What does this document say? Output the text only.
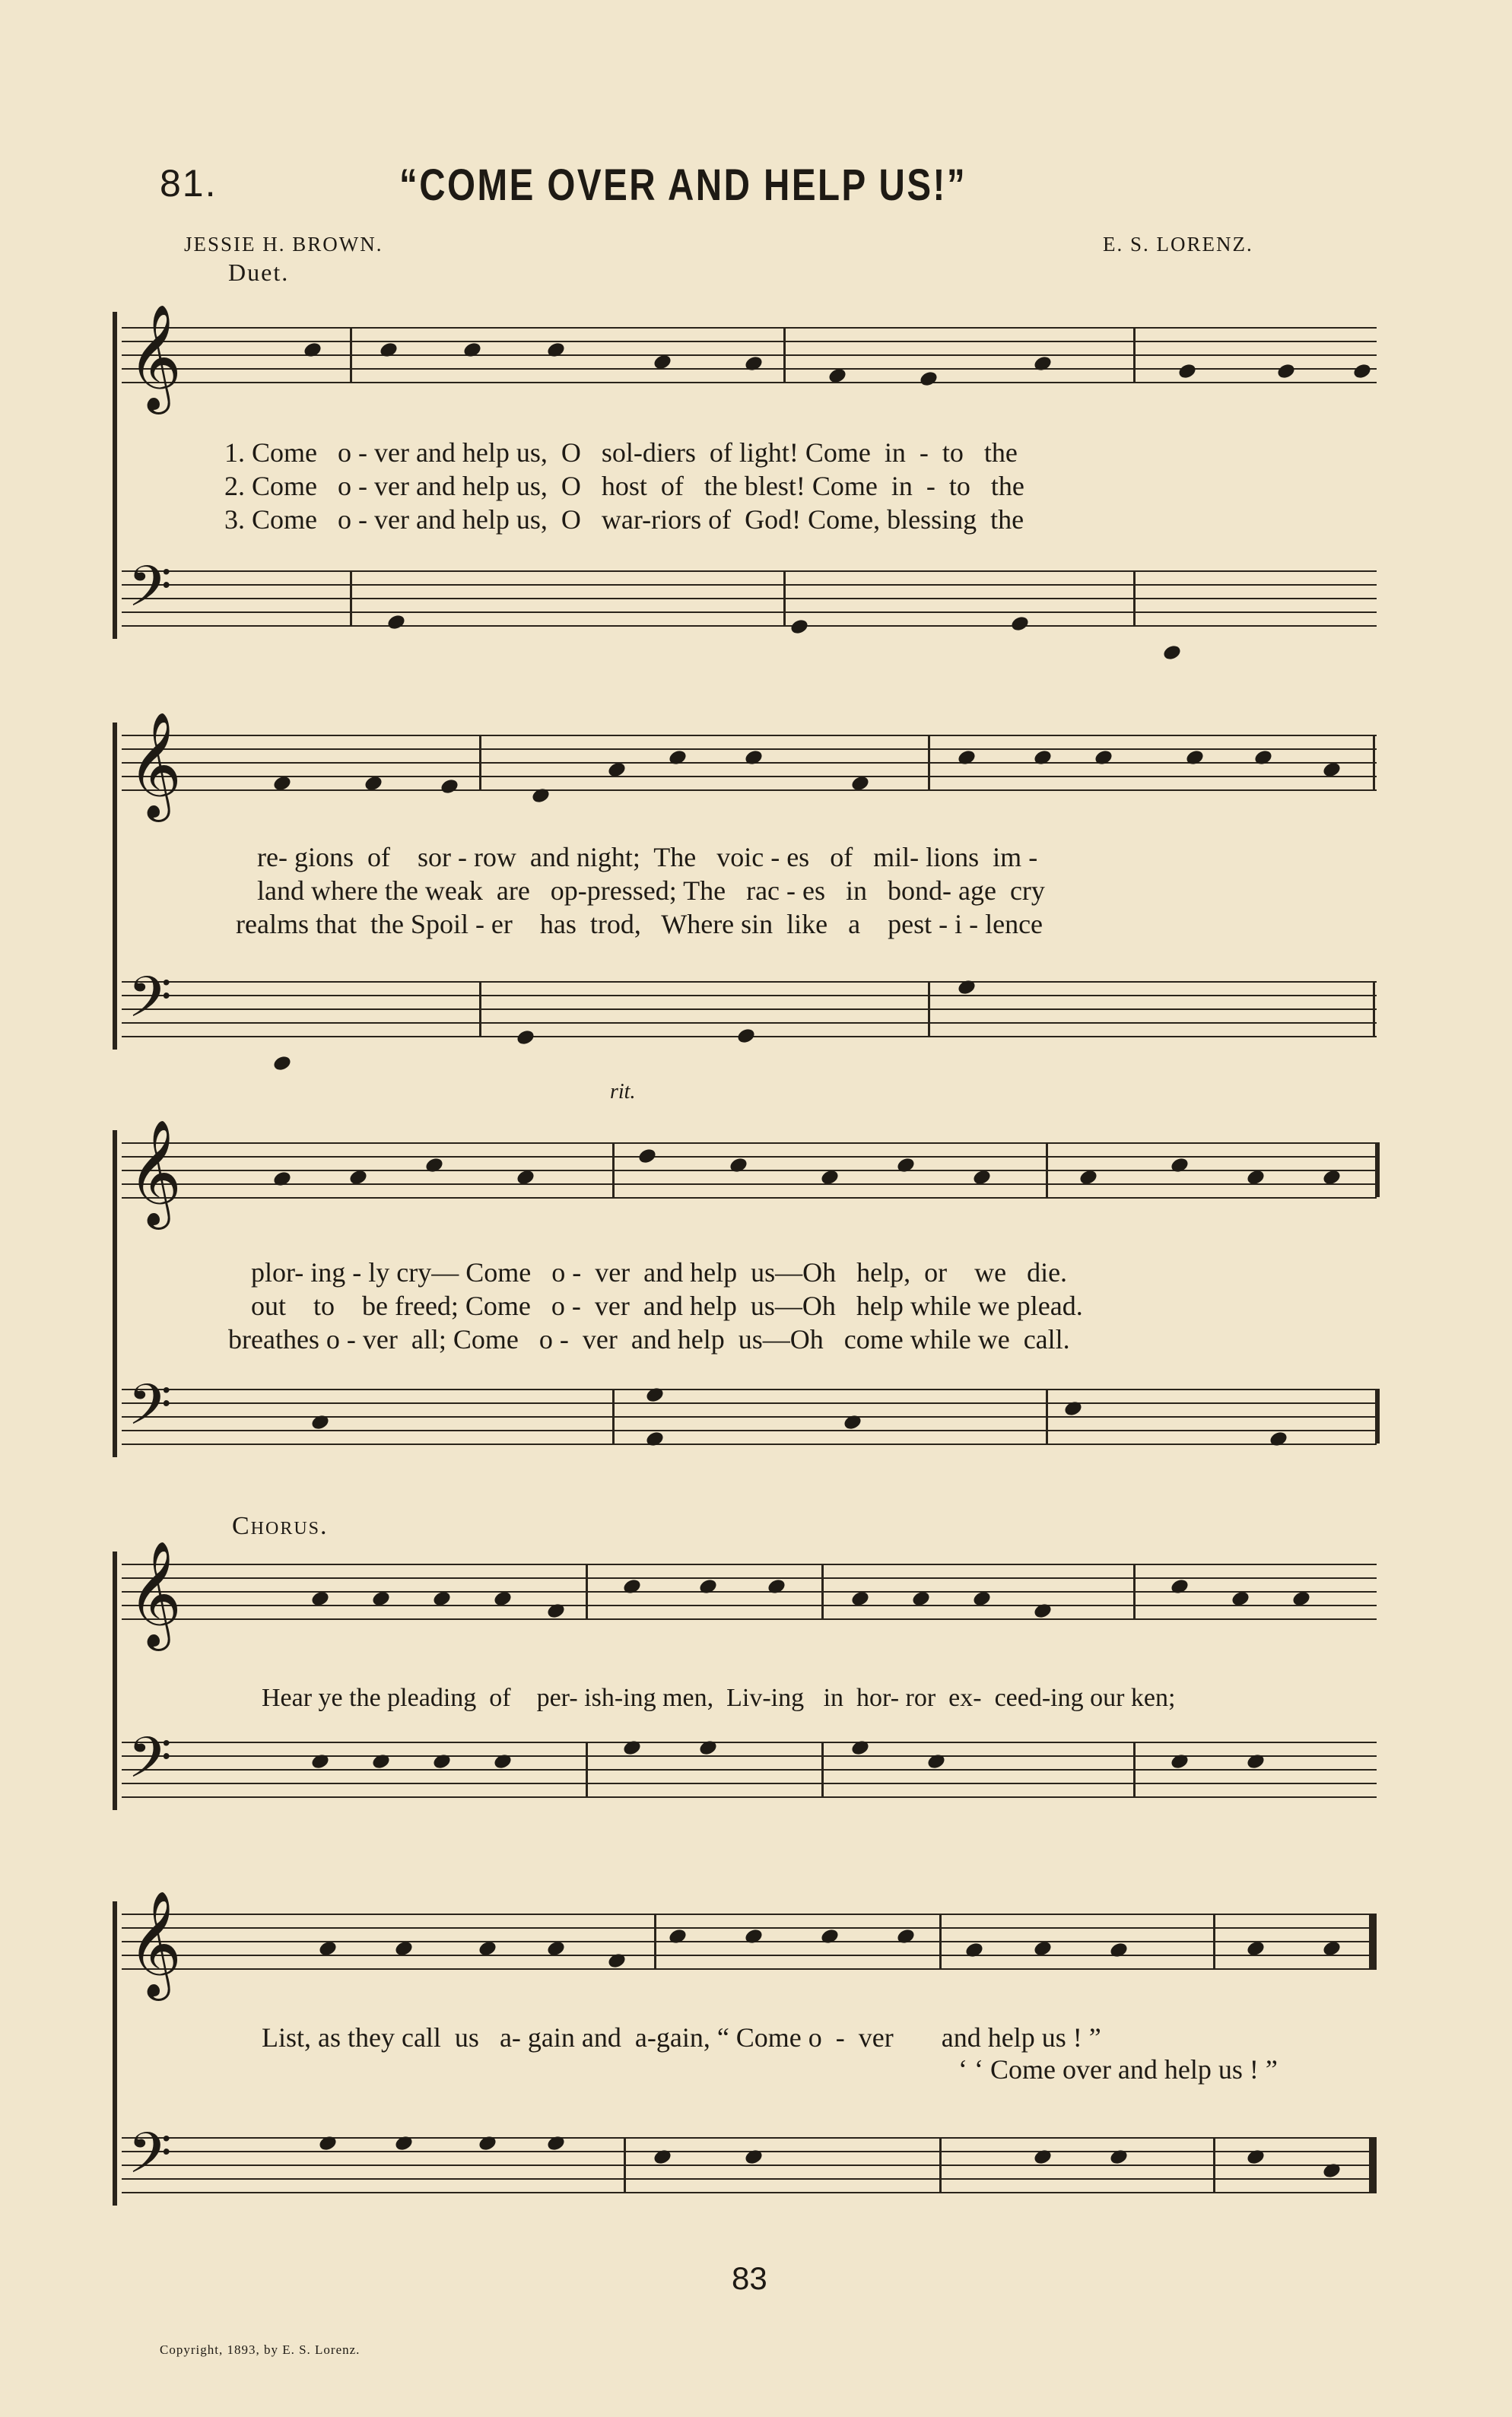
81.	“COME OVER AND HELP US!”
JESSIE H. BROWN.	E. S. LORENZ.
Duet.
𝄞
1. Come   o - ver and help us,  O   sol-diers  of light! Come  in  -  to   the
2. Come   o - ver and help us,  O   host  of   the blest! Come  in  -  to   the
3. Come   o - ver and help us,  O   war-riors of  God! Come, blessing  the
𝄢
𝄞
re- gions  of    sor - row  and night;  The   voic - es   of   mil- lions  im -
land where the weak  are   op-pressed; The   rac - es   in   bond- age  cry
realms that  the Spoil - er    has  trod,   Where sin  like   a    pest - i - lence
𝄢
rit.
𝄞
plor- ing - ly cry— Come   o -  ver  and help  us—Oh   help,  or    we   die.
out    to    be freed; Come   o -  ver  and help  us—Oh   help while we plead.
breathes o - ver  all; Come   o -  ver  and help  us—Oh   come while we  call.
𝄢
Chorus.
𝄞
Hear ye the pleading  of    per- ish-ing men,  Liv-ing   in  hor- ror  ex-  ceed-ing our ken;
𝄢
𝄞
List, as they call  us   a- gain and  a-gain, “ Come o  -  ver       and help us ! ”
‘ ‘ Come over and help us ! ”
𝄢
Copyright, 1893, by E. S. Lorenz.
83
